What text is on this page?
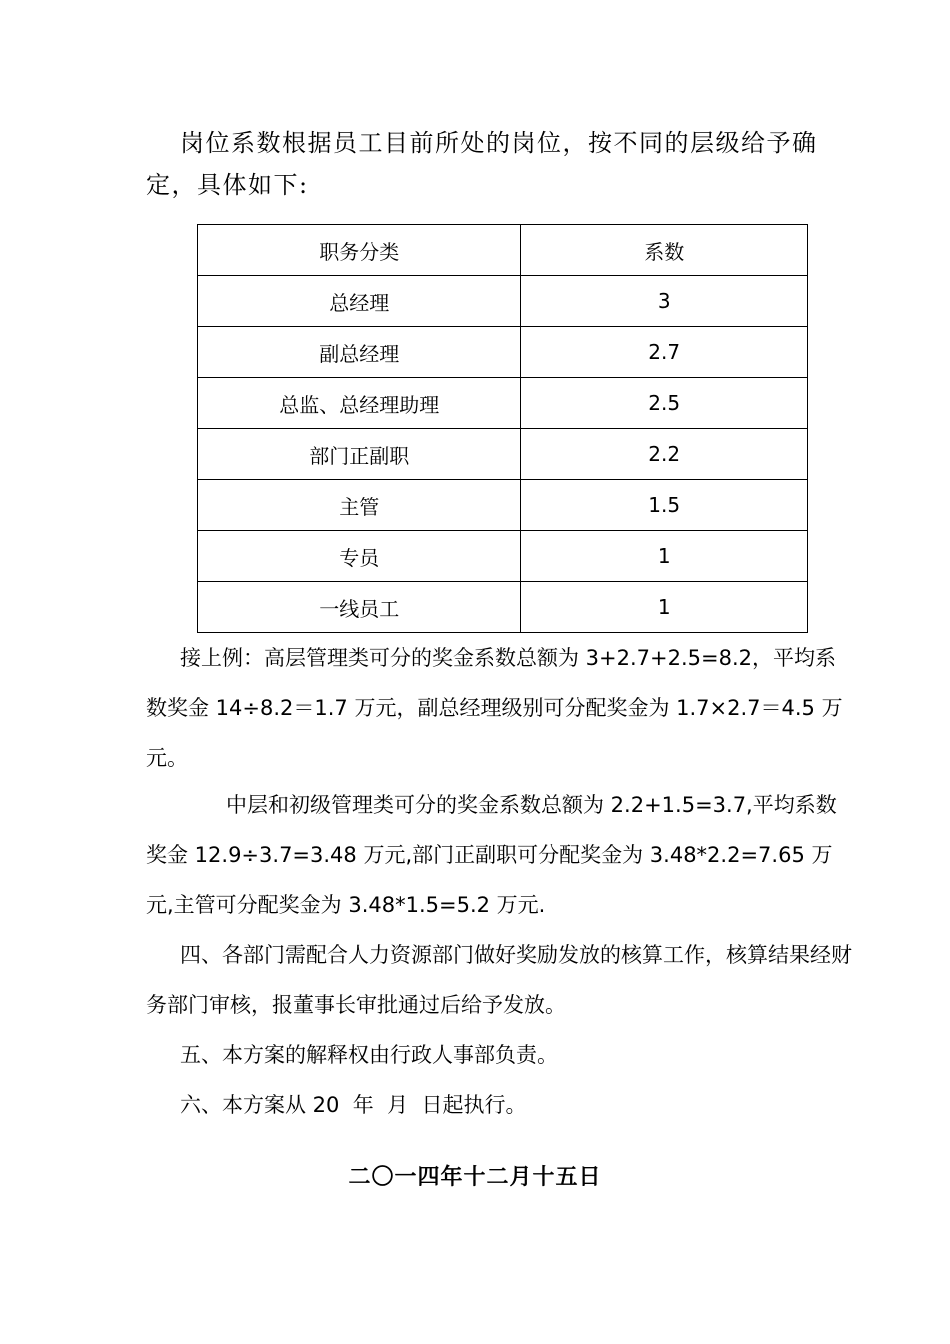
岗位系数根据员工目前所处的岗位，按不同的层级给予确定，具体如下:

职务分类	系数
总经理	3
副总经理	2.7
总监、总经理助理	2.5
部门正副职	2.2
主管	1.5
专员	1
一线员工	1

接上例：高层管理类可分的奖金系数总额为 3+2.7+2.5=8.2，平均系数奖金 14÷8.2＝1.7 万元，副总经理级别可分配奖金为 1.7×2.7＝4.5 万元。

中层和初级管理类可分的奖金系数总额为 2.2+1.5=3.7,平均系数奖金 12.9÷3.7=3.48 万元,部门正副职可分配奖金为 3.48*2.2=7.65 万元,主管可分配奖金为 3.48*1.5=5.2 万元.

四、各部门需配合人力资源部门做好奖励发放的核算工作，核算结果经财务部门审核，报董事长审批通过后给予发放。

五、本方案的解释权由行政人事部负责。

六、本方案从 20  年  月  日起执行。

二〇一四年十二月十五日
